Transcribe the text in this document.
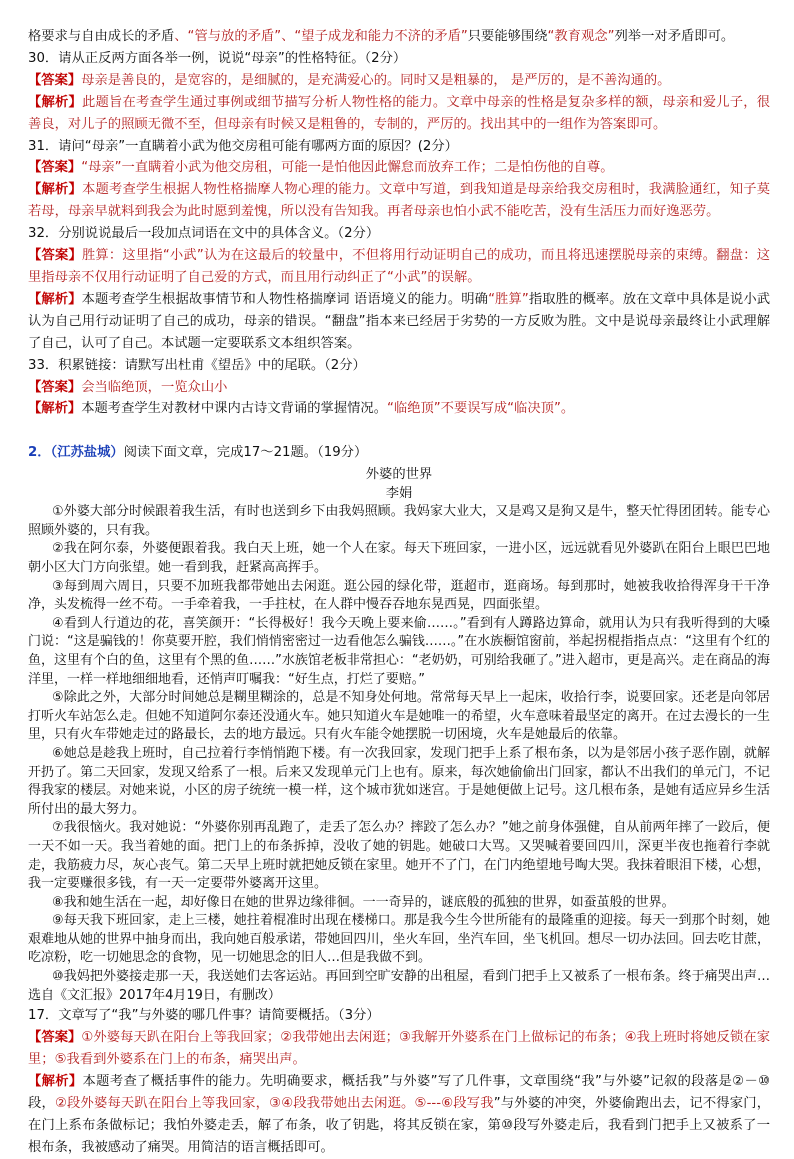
格要求与自由成长的矛盾、“管与放的矛盾”、“望子成龙和能力不济的矛盾”只要能够围绕“教育观念”列举一对矛盾即可。

30．请从正反两方面各举一例，说说“母亲”的性格特征。（2分）

【答案】母亲是善良的，是宽容的，是细腻的，是充满爱心的。同时又是粗暴的， 是严厉的，是不善沟通的。

【解析】此题旨在考查学生通过事例或细节描写分析人物性格的能力。文章中母亲的性格是复杂多样的额，母亲和爱儿子，很善良，对儿子的照顾无微不至，但母亲有时候又是粗鲁的，专制的，严厉的。找出其中的一组作为答案即可。

31．请问“母亲”一直瞒着小武为他交房租可能有哪两方面的原因？(2分）

【答案】“母亲”一直瞒着小武为他交房租，可能一是怕他因此懈怠而放弃工作；二是怕伤他的自尊。

【解析】本题考查学生根据人物性格揣摩人物心理的能力。文章中写道，到我知道是母亲给我交房租时，我满脸通红，知子莫若母，母亲早就料到我会为此时愿到羞愧，所以没有告知我。再者母亲也怕小武不能吃苦，没有生活压力而好逸恶劳。

32．分别说说最后一段加点词语在文中的具体含义。（2分）

【答案】胜算：这里指“小武”认为在这最后的较量中，不但将用行动证明自己的成功，而且将迅速摆脱母亲的束缚。翻盘：这里指母亲不仅用行动证明了自己爱的方式，而且用行动纠正了“小武”的误解。

【解析】本题考查学生根据故事情节和人物性格揣摩词 语语境义的能力。明确“胜算”指取胜的概率。放在文章中具体是说小武认为自己用行动证明了自己的成功，母亲的错误。“翻盘”指本来已经居于劣势的一方反败为胜。文中是说母亲最终让小武理解了自己，认可了自己。本试题一定要联系文本组织答案。

33．积累链接：请默写出杜甫《望岳》中的尾联。（2分）

【答案】会当临绝顶，一览众山小

【解析】本题考查学生对教材中课内古诗文背诵的掌握情况。“临绝顶”不要误写成“临决顶”。

2．（江苏盐城）阅读下面文章，完成17～21题。（19分）

外婆的世界

李娟

①外婆大部分时候跟着我生活，有时也送到乡下由我妈照顾。我妈家大业大，又是鸡又是狗又是牛，整天忙得团团转。能专心照顾外婆的，只有我。

②我在阿尔泰，外婆便跟着我。我白天上班，她一个人在家。每天下班回家，一进小区，远远就看见外婆趴在阳台上眼巴巴地朝小区大门方向张望。她一看到我，赶紧高高挥手。

③每到周六周日，只要不加班我都带她出去闲逛。逛公园的绿化带，逛超市，逛商场。每到那时，她被我收拾得浑身干干净净，头发梳得一丝不苟。一手牵着我，一手拄杖，在人群中慢吞吞地东晃西晃，四面张望。

④看到人行道边的花，喜笑颜开：“长得极好！我今天晚上要来偷……。”看到有人蹲路边算命，就用认为只有我听得到的大嗓门说：“这是骗钱的！你莫要开腔，我们悄悄密密过一边看他怎么骗钱……。”在水族橱馆窗前，举起拐棍指指点点：“这里有个红的鱼，这里有个白的鱼，这里有个黑的鱼……”水族馆老板非常担心：“老奶奶，可别给我砸了。”进入超市，更是高兴。走在商品的海洋里，一样一样地细细地看，还悄声叮嘱我：“好生点，打烂了要赔。”

⑤除此之外，大部分时间她总是糊里糊涂的，总是不知身处何地。常常每天早上一起床，收拾行李，说要回家。还老是向邻居打听火车站怎么走。但她不知道阿尔泰还没通火车。她只知道火车是她唯一的希望，火车意味着最坚定的离开。在过去漫长的一生里，只有火车带她走过的路最长，去的地方最远。只有火车能令她摆脱一切困境，火车是她最后的依靠。

⑥她总是趁我上班时，自己拉着行李悄悄跑下楼。有一次我回家，发现门把手上系了根布条，以为是邻居小孩子恶作剧，就解开扔了。第二天回家，发现又给系了一根。后来又发现单元门上也有。原来，每次她偷偷出门回家，都认不出我们的单元门，不记得我家的楼层。对她来说，小区的房子统统一模一样，这个城市犹如迷宫。于是她便做上记号。这几根布条，是她有适应异乡生活所付出的最大努力。

⑦我很恼火。我对她说：“外婆你别再乱跑了，走丢了怎么办？摔跤了怎么办？”她之前身体强健，自从前两年摔了一跤后，便一天不如一天。我当着她的面。把门上的布条拆掉，没收了她的钥匙。她破口大骂。又哭喊着要回四川，深更半夜也拖着行李就走，我筋疲力尽，灰心丧气。第二天早上班时就把她反锁在家里。她开不了门，在门内绝望地号啕大哭。我抹着眼泪下楼，心想，我一定要赚很多钱，有一天一定要带外婆离开这里。

⑧我和她生活在一起，却好像日在她的世界边缘徘徊。一一奇异的，谜底般的孤独的世界，如蚕茧般的世界。

⑨每天我下班回家，走上三楼，她拄着棍准时出现在楼梯口。那是我今生今世所能有的最隆重的迎接。每天一到那个时刻，她艰难地从她的世界中抽身而出，我向她百般承诺，带她回四川，坐火车回，坐汽车回，坐飞机回。想尽一切办法回。回去吃甘蔗，吃凉粉，吃一切她思念的食物，见一切她思念的旧人…但是我做不到。

⑩我妈把外婆接走那一天，我送她们去客运站。再回到空旷安静的出租屋，看到门把手上又被系了一根布条。终于痛哭出声…选自《文汇报》2017年4月19日，有删改）

17．文章写了“我”与外婆的哪几件事？请简要概括。（3分）

【答案】①外婆每天趴在阳台上等我回家；②我带她出去闲逛；③我解开外婆系在门上做标记的布条；④我上班时将她反锁在家里；⑤我看到外婆系在门上的布条，痛哭出声。

【解析】本题考查了概括事件的能力。先明确要求，概括我”与外婆”写了几件事，文章围绕“我”与外婆”记叙的段落是②－⑩段，②段外婆每天趴在阳台上等我回家，③④段我带她出去闲逛。⑤---⑥段写我”与外婆的冲突，外婆偷跑出去，记不得家门，在门上系布条做标记；我怕外婆走丢，解了布条，收了钥匙，将其反锁在家，第⑩段写外婆走后，我看到门把手上又被系了一根布条，我被感动了痛哭。用简洁的语言概括即可。
